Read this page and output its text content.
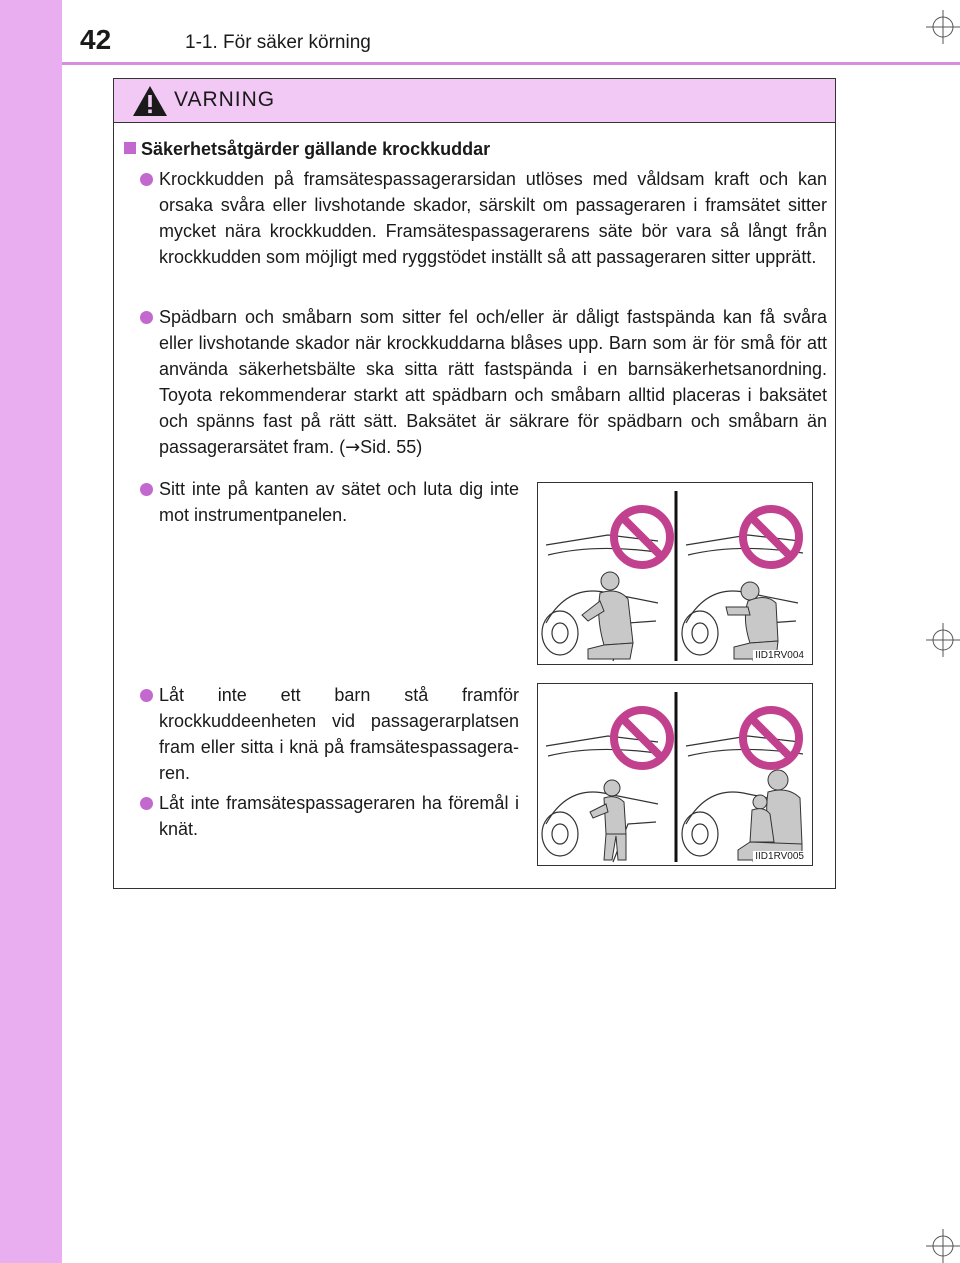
42	1-1. För säker körning
VARNING
Säkerhetsåtgärder gällande krockkuddar
Krockkudden på framsätespassagerarsidan utlöses med våldsam kraft och kan orsaka svåra eller livshotande skador, särskilt om passageraren i framsätet sitter mycket nära krockkudden. Framsätespassagerarens säte bör vara så långt från krockkudden som möjligt med ryggstödet inställt så att passageraren sitter upprätt.
Spädbarn och småbarn som sitter fel och/eller är dåligt fastspända kan få svåra eller livshotande skador när krockkuddarna blåses upp. Barn som är för små för att använda säkerhetsbälte ska sitta rätt fastspända i en barnsäkerhetsanordning. Toyota rekommenderar starkt att spädbarn och småbarn alltid placeras i baksätet och spänns fast på rätt sätt. Baksätet är säkrare för spädbarn och småbarn än passagerarsätet fram. (→Sid. 55)
Sitt inte på kanten av sätet och luta dig inte mot instrumentpanelen.
Låt inte ett barn stå framför krockkuddeenheten vid passagerarplatsen fram eller sitta i knä på framsätespassageraren.
Låt inte framsätespassageraren ha föremål i knät.
IID1RV004
IID1RV005
